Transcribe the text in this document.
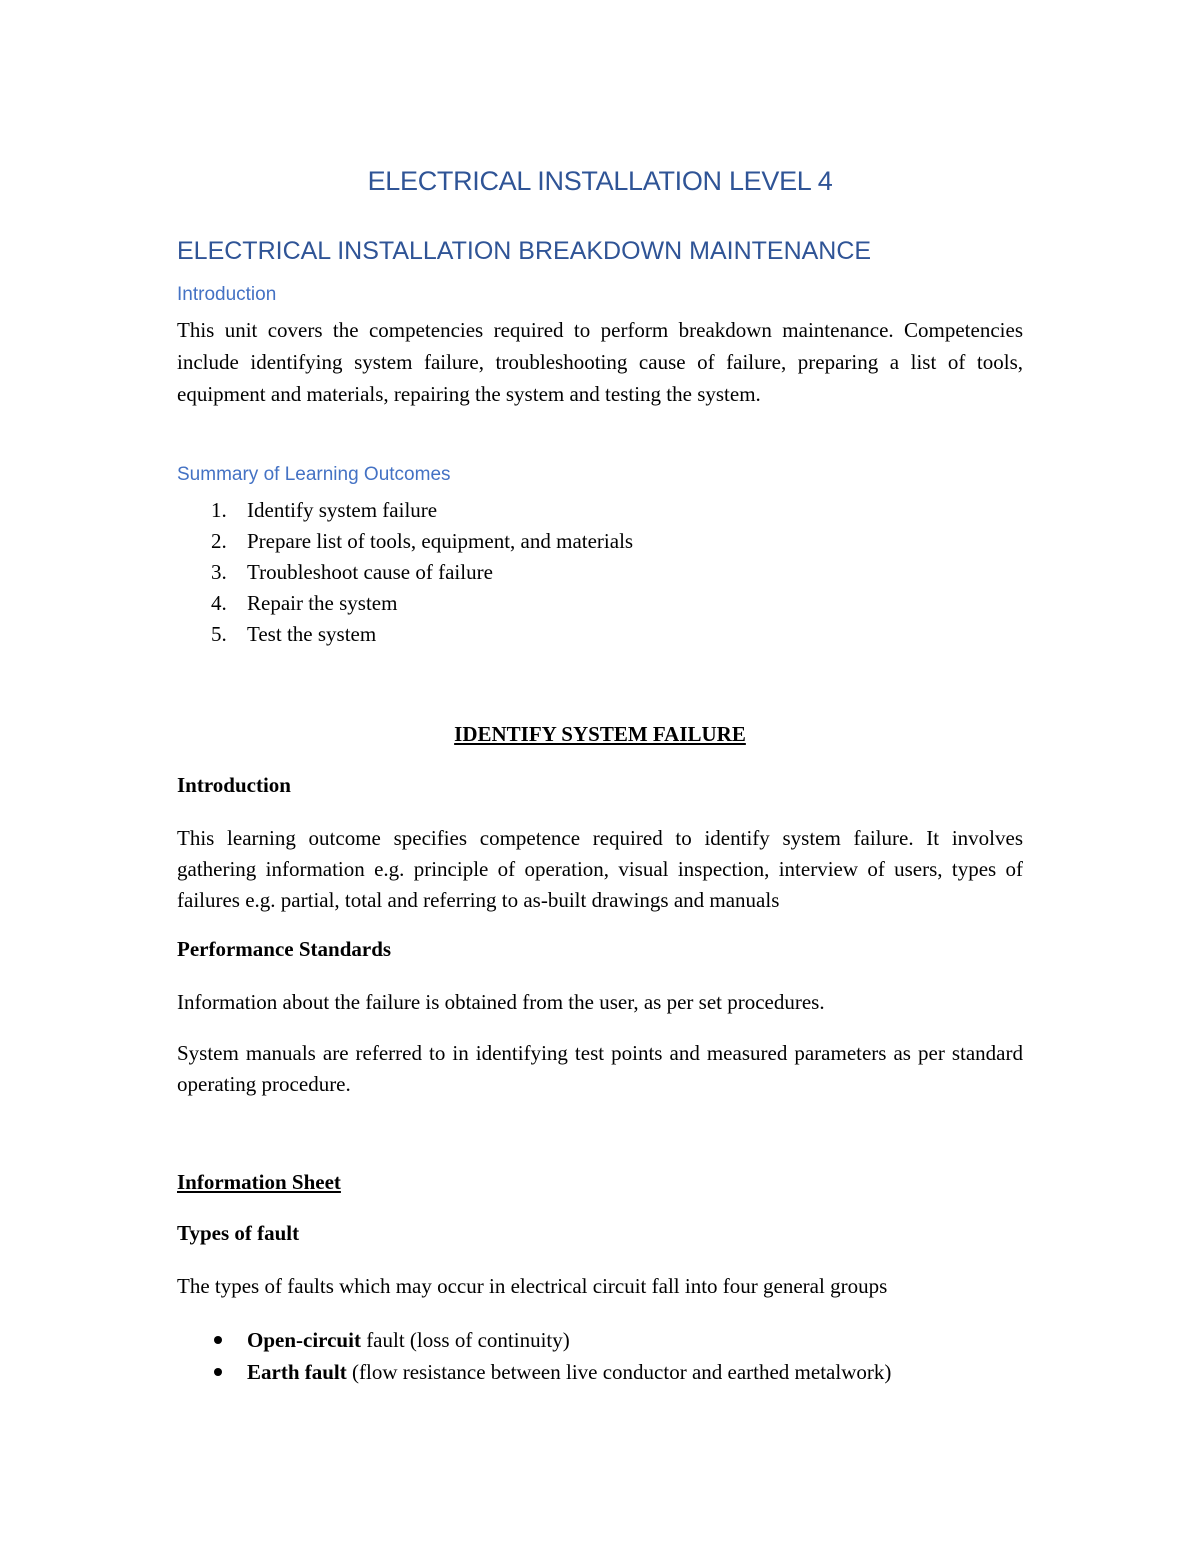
ELECTRICAL INSTALLATION LEVEL 4
ELECTRICAL INSTALLATION BREAKDOWN MAINTENANCE
Introduction

This unit covers the competencies required to perform breakdown maintenance. Competencies include identifying system failure, troubleshooting cause of failure, preparing a list of tools, equipment and materials, repairing the system and testing the system.

Summary of Learning Outcomes
1. Identify system failure
2. Prepare list of tools, equipment, and materials
3. Troubleshoot cause of failure
4. Repair the system
5. Test the system
IDENTIFY SYSTEM FAILURE
Introduction

This learning outcome specifies competence required to identify system failure. It involves gathering information e.g. principle of operation, visual inspection, interview of users, types of failures e.g. partial, total and referring to as-built drawings and manuals

Performance Standards

Information about the failure is obtained from the user, as per set procedures.

System manuals are referred to in identifying test points and measured parameters as per standard operating procedure.

Information Sheet
Types of fault

The types of faults which may occur in electrical circuit fall into four general groups

Open-circuit fault (loss of continuity)
Earth fault (flow resistance between live conductor and earthed metalwork)
